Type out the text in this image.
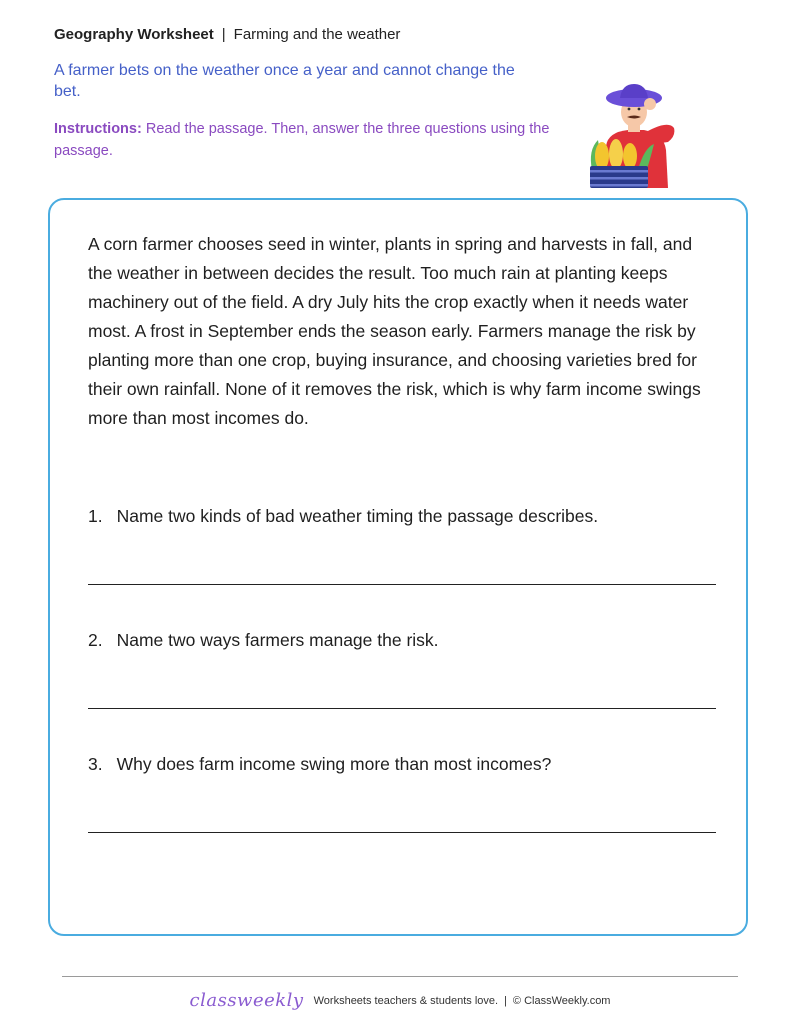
Geography Worksheet | Farming and the weather
A farmer bets on the weather once a year and cannot change the bet.
Instructions: Read the passage. Then, answer the three questions using the passage.

A corn farmer chooses seed in winter, plants in spring and harvests in fall, and the weather in between decides the result. Too much rain at planting keeps machinery out of the field. A dry July hits the crop exactly when it needs water most. A frost in September ends the season early. Farmers manage the risk by planting more than one crop, buying insurance, and choosing varieties bred for their own rainfall. None of it removes the risk, which is why farm income swings more than most incomes do.

1. Name two kinds of bad weather timing the passage describes.
2. Name two ways farmers manage the risk.
3. Why does farm income swing more than most incomes?
classweekly Worksheets teachers & students love. | © ClassWeekly.com
